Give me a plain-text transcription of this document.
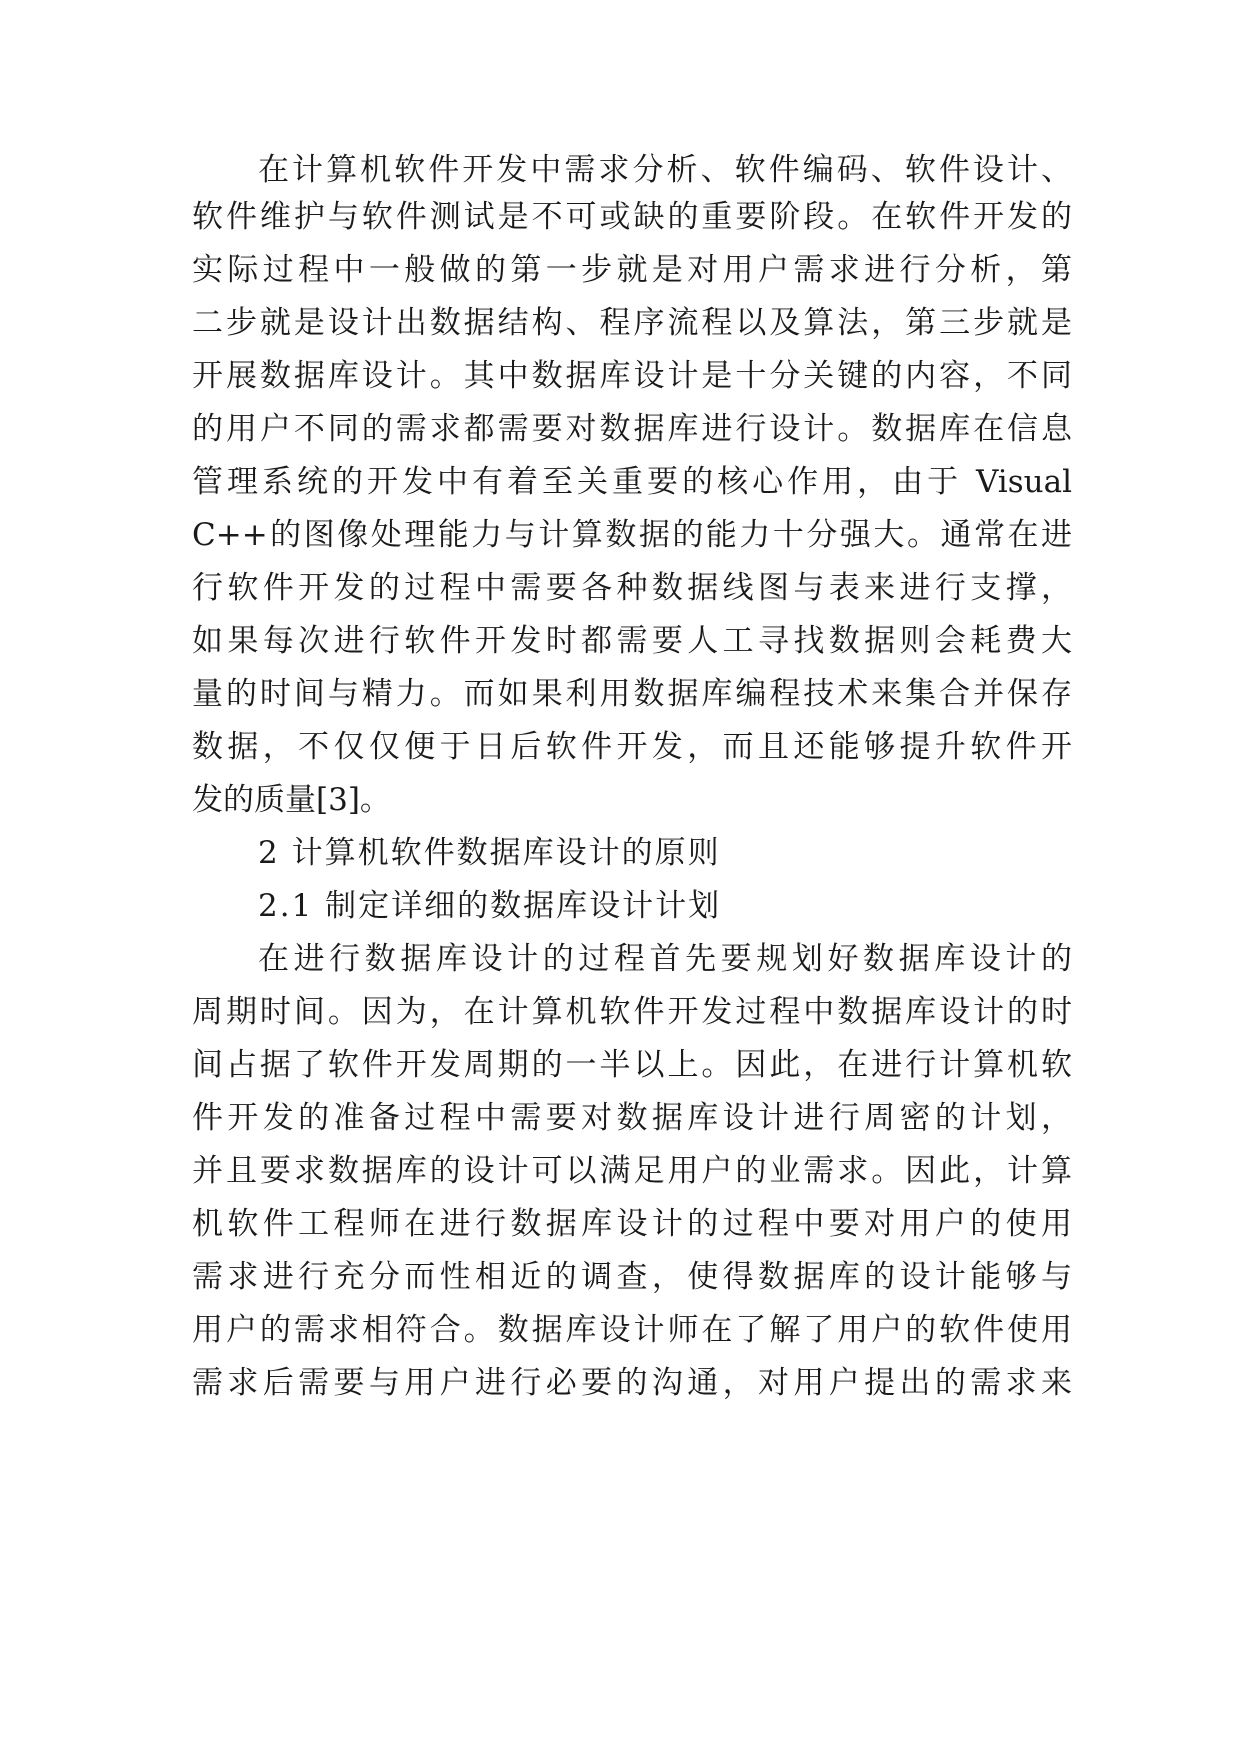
在计算机软件开发中需求分析、软件编码、软件设计、
软件维护与软件测试是不可或缺的重要阶段。在软件开发的
实际过程中一般做的第一步就是对用户需求进行分析，第
二步就是设计出数据结构、程序流程以及算法，第三步就是
开展数据库设计。其中数据库设计是十分关键的内容，不同
的用户不同的需求都需要对数据库进行设计。数据库在信息
管理系统的开发中有着至关重要的核心作用，由于 Visual
C++的图像处理能力与计算数据的能力十分强大。通常在进
行软件开发的过程中需要各种数据线图与表来进行支撑，
如果每次进行软件开发时都需要人工寻找数据则会耗费大
量的时间与精力。而如果利用数据库编程技术来集合并保存
数据，不仅仅便于日后软件开发，而且还能够提升软件开
发的质量[3]。
2 计算机软件数据库设计的原则
2.1 制定详细的数据库设计计划
在进行数据库设计的过程首先要规划好数据库设计的
周期时间。因为，在计算机软件开发过程中数据库设计的时
间占据了软件开发周期的一半以上。因此，在进行计算机软
件开发的准备过程中需要对数据库设计进行周密的计划，
并且要求数据库的设计可以满足用户的业需求。因此，计算
机软件工程师在进行数据库设计的过程中要对用户的使用
需求进行充分而性相近的调查，使得数据库的设计能够与
用户的需求相符合。数据库设计师在了解了用户的软件使用
需求后需要与用户进行必要的沟通，对用户提出的需求来
